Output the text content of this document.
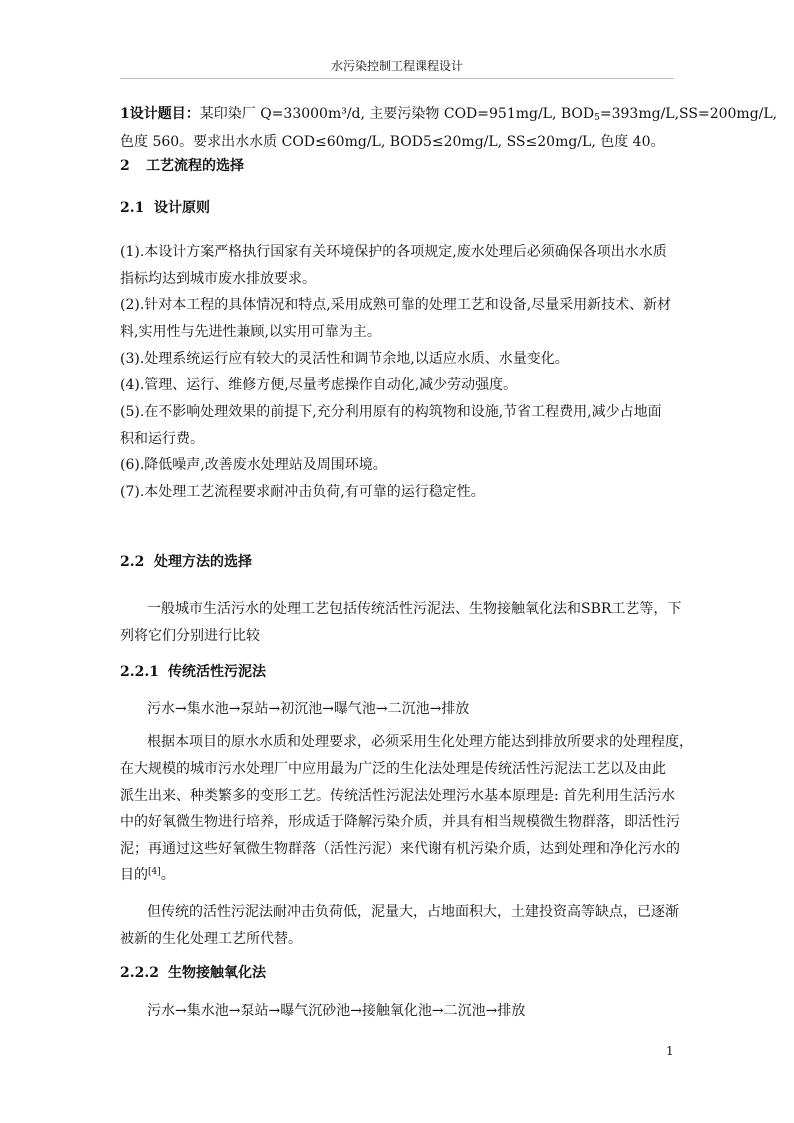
水污染控制工程课程设计
1设计题目：某印染厂 Q=33000m³/d, 主要污染物 COD=951mg/L, $BOD_5=393mg/L,SS=200mg/L$,
色度 560。要求出水水质 COD≤60mg/L, BOD5≤20mg/L, SS≤20mg/L, 色度 40。
2 工艺流程的选择
2.1 设计原则
(1).本设计方案严格执行国家有关环境保护的各项规定,废水处理后必须确保各项出水水质
指标均达到城市废水排放要求。
(2).针对本工程的具体情况和特点,采用成熟可靠的处理工艺和设备,尽量采用新技术、新材
料,实用性与先进性兼顾,以实用可靠为主。
(3).处理系统运行应有较大的灵活性和调节余地,以适应水质、水量变化。
(4).管理、运行、维修方便,尽量考虑操作自动化,减少劳动强度。
(5).在不影响处理效果的前提下,充分利用原有的构筑物和设施,节省工程费用,减少占地面
积和运行费。
(6).降低噪声,改善废水处理站及周围环境。
(7).本处理工艺流程要求耐冲击负荷,有可靠的运行稳定性。
2.2 处理方法的选择
一般城市生活污水的处理工艺包括传统活性污泥法、生物接触氧化法和SBR工艺等，下
列将它们分别进行比较
2.2.1 传统活性污泥法
污水→集水池→泵站→初沉池→曝气池→二沉池→排放
根据本项目的原水水质和处理要求，必须采用生化处理方能达到排放所要求的处理程度，
在大规模的城市污水处理厂中应用最为广泛的生化法处理是传统活性污泥法工艺以及由此
派生出来、种类繁多的变形工艺。传统活性污泥法处理污水基本原理是: 首先利用生活污水
中的好氧微生物进行培养，形成适于降解污染介质，并具有相当规模微生物群落，即活性污
泥；再通过这些好氧微生物群落（活性污泥）来代谢有机污染介质，达到处理和净化污水的
目的[4]。
但传统的活性污泥法耐冲击负荷低，泥量大，占地面积大，土建投资高等缺点，已逐渐
被新的生化处理工艺所代替。
2.2.2 生物接触氧化法
污水→集水池→泵站→曝气沉砂池→接触氧化池→二沉池→排放
1
